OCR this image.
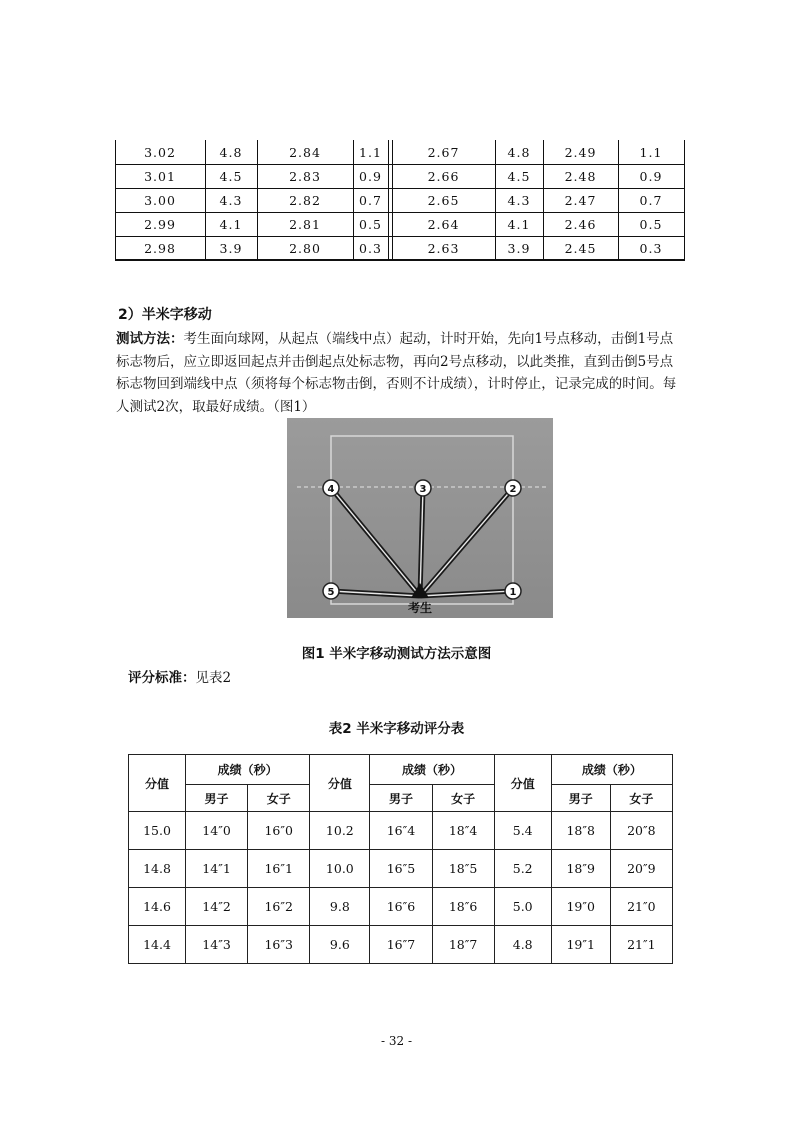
3.02	4.8	2.84	1.1	2.67	4.8	2.49	1.1
3.01	4.5	2.83	0.9	2.66	4.5	2.48	0.9
3.00	4.3	2.82	0.7	2.65	4.3	2.47	0.7
2.99	4.1	2.81	0.5	2.64	4.1	2.46	0.5
2.98	3.9	2.80	0.3	2.63	3.9	2.45	0.3
2）半米字移动
测试方法：考生面向球网，从起点（端线中点）起动，计时开始，先向1号点移动，击倒1号点标志物后，应立即返回起点并击倒起点处标志物，再向2号点移动，以此类推，直到击倒5号点标志物回到端线中点（须将每个标志物击倒，否则不计成绩），计时停止，记录完成的时间。每人测试2次，取最好成绩。（图1）
4	3	2
5	1
考生
图1 半米字移动测试方法示意图
评分标准：见表2
表2 半米字移动评分表
分值	成绩（秒）		分值	成绩（秒）		分值	成绩（秒）	
	男子	女子		男子	女子		男子	女子
15.0	14″0	16″0	10.2	16″4	18″4	5.4	18″8	20″8
14.8	14″1	16″1	10.0	16″5	18″5	5.2	18″9	20″9
14.6	14″2	16″2	9.8	16″6	18″6	5.0	19″0	21″0
14.4	14″3	16″3	9.6	16″7	18″7	4.8	19″1	21″1
- 32 -
